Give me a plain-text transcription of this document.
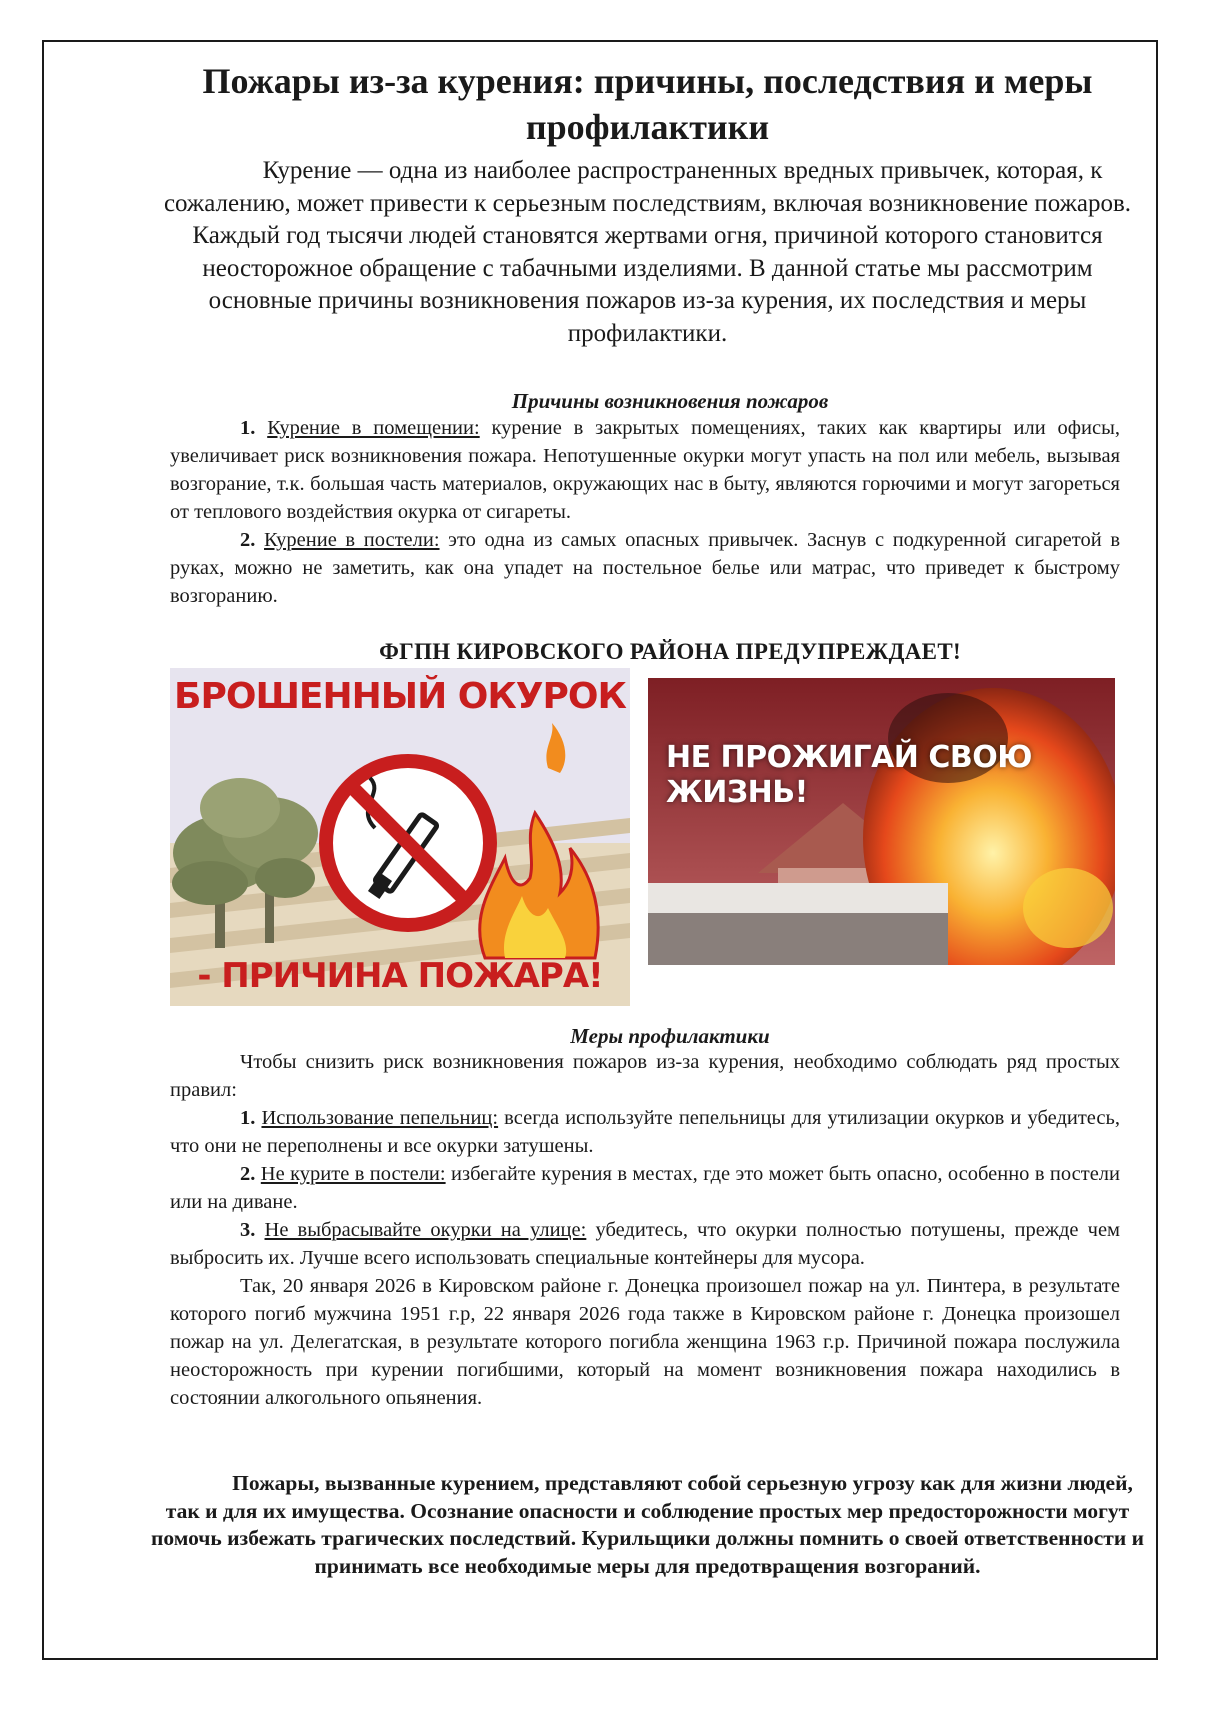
Пожары из-за курения: причины, последствия и меры профилактики

Курение — одна из наиболее распространенных вредных привычек, которая, к сожалению, может привести к серьезным последствиям, включая возникновение пожаров. Каждый год тысячи людей становятся жертвами огня, причиной которого становится неосторожное обращение с табачными изделиями. В данной статье мы рассмотрим основные причины возникновения пожаров из-за курения, их последствия и меры профилактики.

Причины возникновения пожаров

1. Курение в помещении: курение в закрытых помещениях, таких как квартиры или офисы, увеличивает риск возникновения пожара. Непотушенные окурки могут упасть на пол или мебель, вызывая возгорание, т.к. большая часть материалов, окружающих нас в быту, являются горючими и могут загореться от теплового воздействия окурка от сигареты.

2. Курение в постели: это одна из самых опасных привычек. Заснув с подкуренной сигаретой в руках, можно не заметить, как она упадет на постельное белье или матрас, что приведет к быстрому возгоранию.

ФГПН КИРОВСКОГО РАЙОНА ПРЕДУПРЕЖДАЕТ!
БРОШЕННЫЙ ОКУРОК
- ПРИЧИНА ПОЖАРА!
НЕ ПРОЖИГАЙ СВОЮ ЖИЗНЬ!
Меры профилактики

Чтобы снизить риск возникновения пожаров из-за курения, необходимо соблюдать ряд простых правил:

1. Использование пепельниц: всегда используйте пепельницы для утилизации окурков и убедитесь, что они не переполнены и все окурки затушены.

2. Не курите в постели: избегайте курения в местах, где это может быть опасно, особенно в постели или на диване.

3. Не выбрасывайте окурки на улице: убедитесь, что окурки полностью потушены, прежде чем выбросить их. Лучше всего использовать специальные контейнеры для мусора.

Так, 20 января 2026 в Кировском районе г. Донецка произошел пожар на ул. Пинтера, в результате которого погиб мужчина 1951 г.р, 22 января 2026 года также в Кировском районе г. Донецка произошел пожар на ул. Делегатская, в результате которого погибла женщина 1963 г.р. Причиной пожара послужила неосторожность при курении погибшими, который на момент возникновения пожара находились в состоянии алкогольного опьянения.

Пожары, вызванные курением, представляют собой серьезную угрозу как для жизни людей, так и для их имущества. Осознание опасности и соблюдение простых мер предосторожности могут помочь избежать трагических последствий. Курильщики должны помнить о своей ответственности и принимать все необходимые меры для предотвращения возгораний.
